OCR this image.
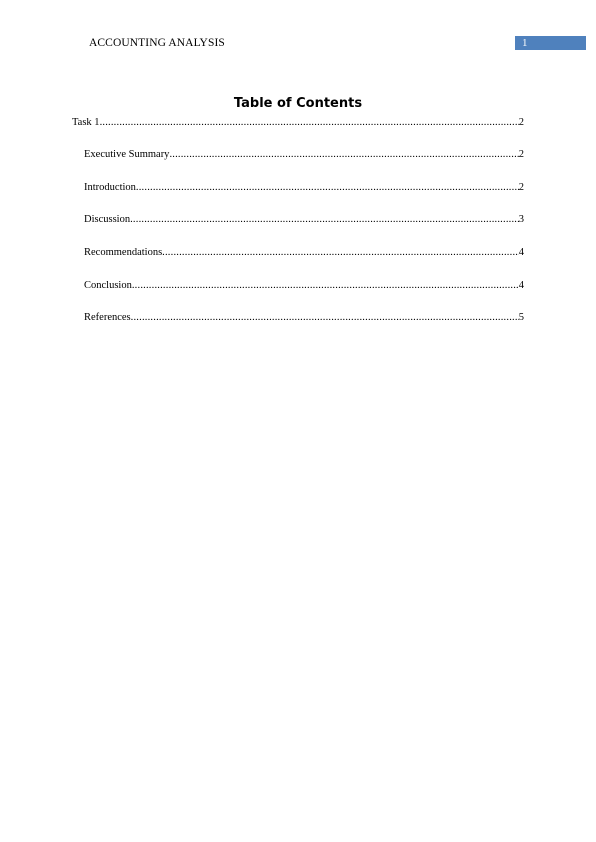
ACCOUNTING ANALYSIS	1
Table of Contents
Task 1 .....	2
Executive Summary .....	2
Introduction .....	2
Discussion .....	3
Recommendations .....	4
Conclusion .....	4
References .....	5
